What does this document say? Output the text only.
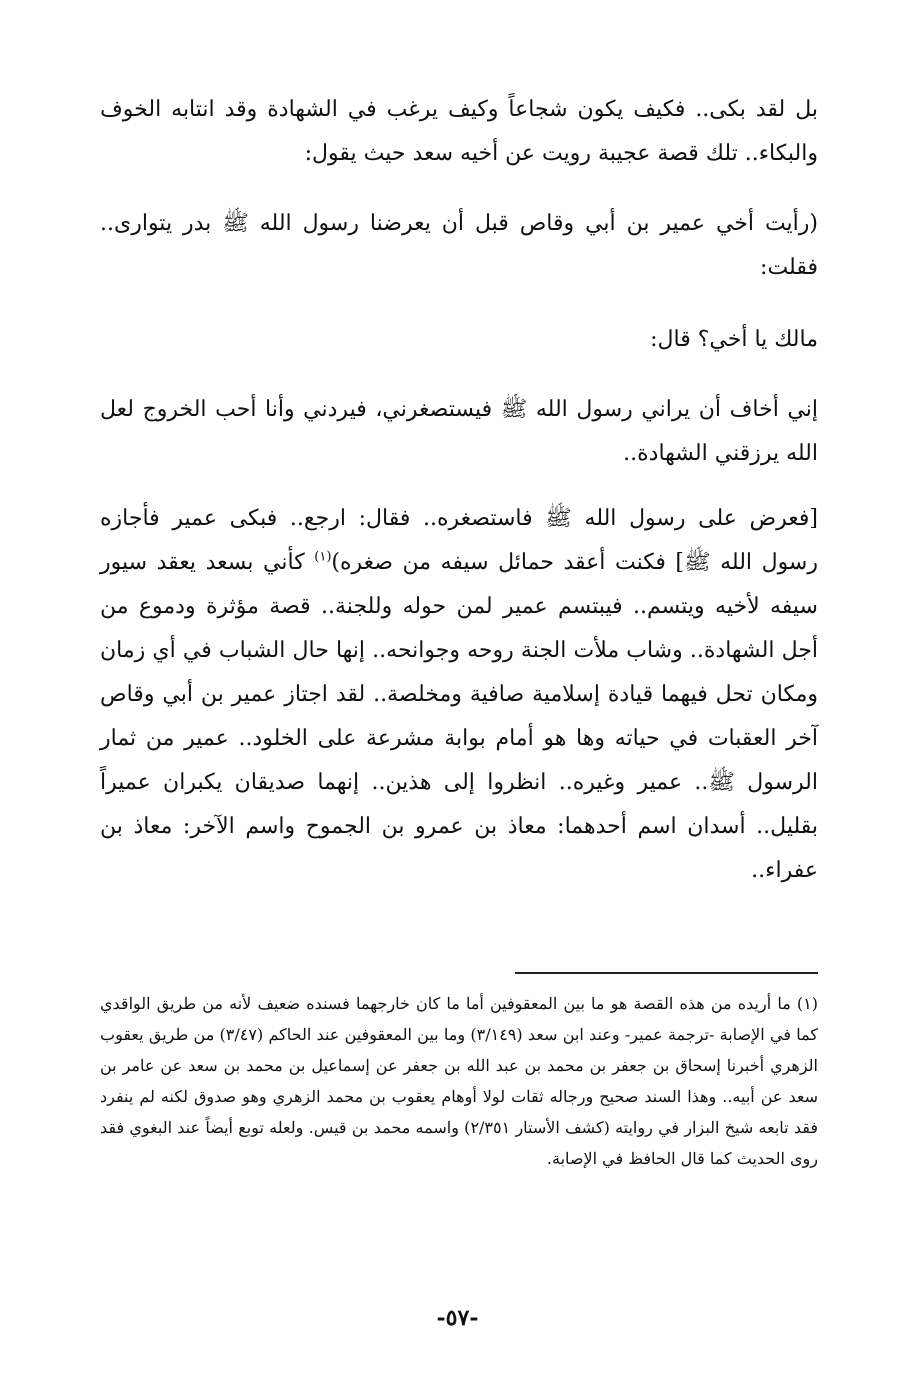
بل لقد بكى.. فكيف يكون شجاعاً وكيف يرغب في الشهادة وقد انتابه الخوف والبكاء.. تلك قصة عجيبة رويت عن أخيه سعد حيث يقول:

(رأيت أخي عمير بن أبي وقاص قبل أن يعرضنا رسول الله ﷺ بدر يتوارى.. فقلت:

مالك يا أخي؟ قال:

إني أخاف أن يراني رسول الله ﷺ فيستصغرني، فيردني وأنا أحب الخروج لعل الله يرزقني الشهادة..

[فعرض على رسول الله ﷺ فاستصغره.. فقال: ارجع.. فبكى عمير فأجازه رسول الله ﷺ] فكنت أعقد حمائل سيفه من صغره)$^{(١)}$ كأني بسعد يعقد سيور سيفه لأخيه ويتسم.. فيبتسم عمير لمن حوله وللجنة.. قصة مؤثرة ودموع من أجل الشهادة.. وشاب ملأت الجنة روحه وجوانحه.. إنها حال الشباب في أي زمان ومكان تحل فيهما قيادة إسلامية صافية ومخلصة.. لقد اجتاز عمير بن أبي وقاص آخر العقبات في حياته وها هو أمام بوابة مشرعة على الخلود.. عمير من ثمار الرسول ﷺ.. عمير وغيره.. انظروا إلى هذين.. إنهما صديقان يكبران عميراً بقليل.. أسدان اسم أحدهما: معاذ بن عمرو بن الجموح واسم الآخر: معاذ بن عفراء..

(١) ما أريده من هذه القصة هو ما بين المعقوفين أما ما كان خارجهما فسنده ضعيف لأنه من طريق الواقدي كما في الإصابة -ترجمة عمير- وعند ابن سعد (٣/١٤٩) وما بين المعقوفين عند الحاكم (٣/٤٧) من طريق يعقوب الزهري أخبرنا إسحاق بن جعفر بن محمد بن عبد الله بن جعفر عن إسماعيل بن محمد بن سعد عن عامر بن سعد عن أبيه.. وهذا السند صحيح ورجاله ثقات لولا أوهام يعقوب بن محمد الزهري وهو صدوق لكنه لم ينفرد فقد تابعه شيخ البزار في روايته (كشف الأستار ٢/٣٥١) واسمه محمد بن قيس. ولعله توبع أيضاً عند البغوي فقد روى الحديث كما قال الحافظ في الإصابة.

-٥٧-
